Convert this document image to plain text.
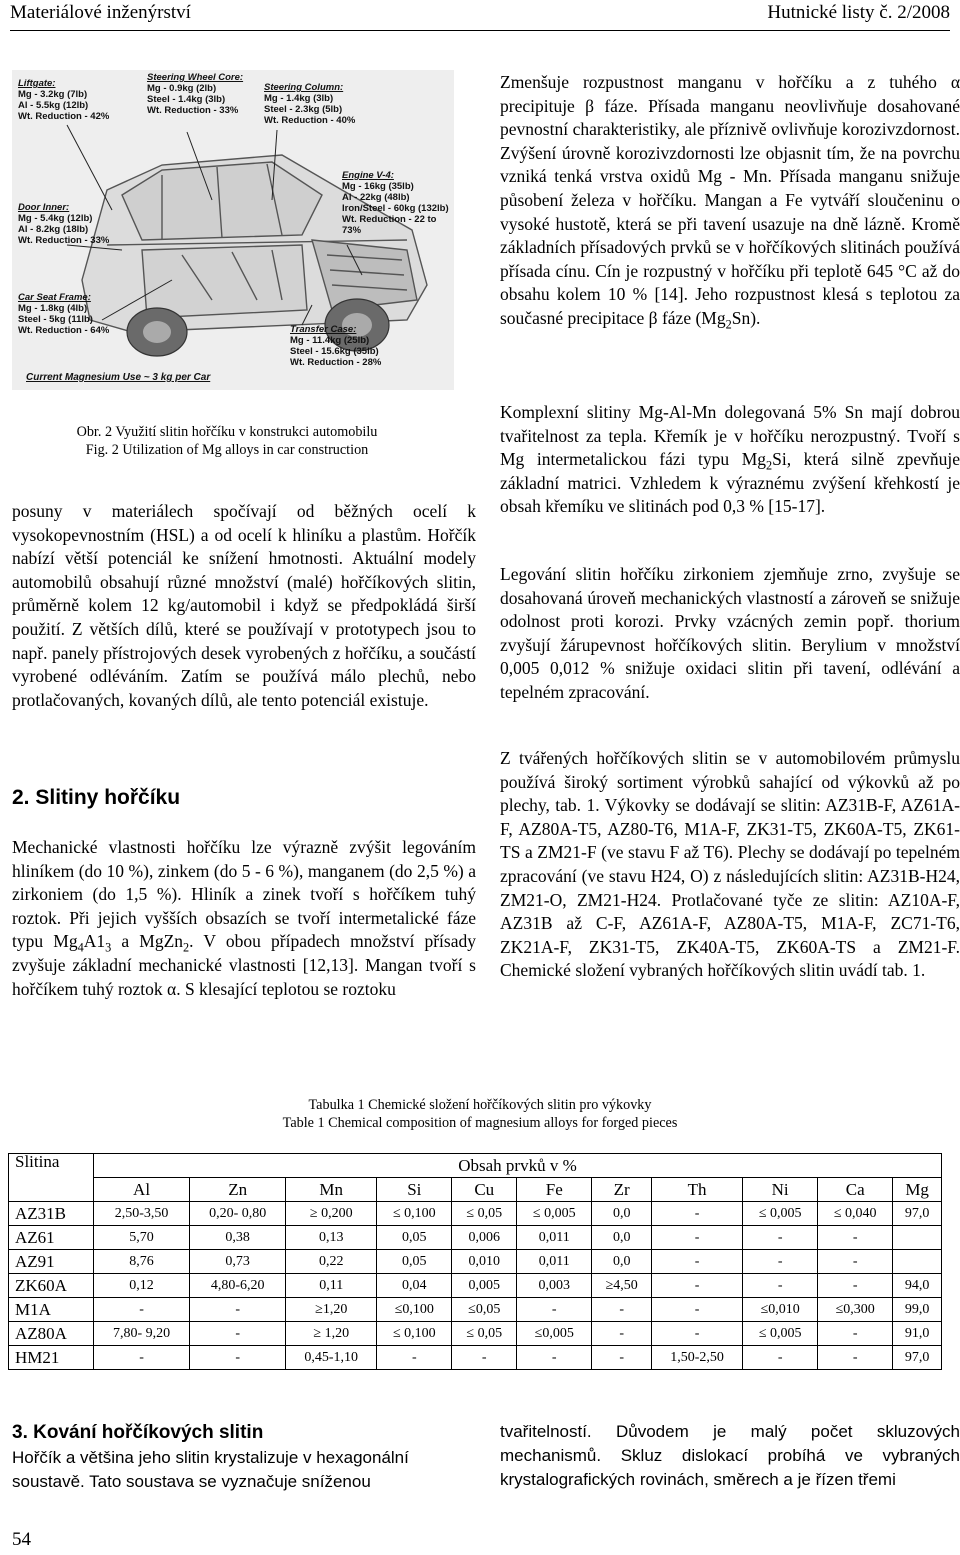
Materiálové inženýrství	Hutnické listy č. 2/2008
Liftgate:
Mg - 3.2kg (7lb)
Al - 5.5kg (12lb)
Wt. Reduction - 42%
Steering Wheel Core:
Mg - 0.9kg (2lb)
Steel - 1.4kg (3lb)
Wt. Reduction - 33%
Steering Column:
Mg - 1.4kg (3lb)
Steel - 2.3kg (5lb)
Wt. Reduction - 40%
Engine V-4:
Mg - 16kg (35lb)
Al - 22kg (48lb)
Iron/Steel - 60kg (132lb)
Wt. Reduction - 22 to 73%
Door Inner:
Mg - 5.4kg (12lb)
Al - 8.2kg (18lb)
Wt. Reduction - 33%
Car Seat Frame:
Mg - 1.8kg (4lb)
Steel - 5kg (11lb)
Wt. Reduction - 64%	Transfer Case:
Mg - 11.4kg (25lb)
Steel - 15.6kg (35lb)
Wt. Reduction - 28%
Current Magnesium Use ~ 3 kg per Car
Obr. 2 Využití slitin hořčíku v konstrukci automobilu
Fig. 2 Utilization of Mg alloys in car construction
posuny v materiálech spočívají od běžných ocelí k vysokopevnostním (HSL) a od ocelí k hliníku a plastům. Hořčík nabízí větší potenciál ke snížení hmotnosti. Aktuální modely automobilů obsahují různé množství (malé) hořčíkových slitin, průměrně kolem 12 kg/automobil i když se předpokládá širší použití. Z větších dílů, které se používají v prototypech jsou to např. panely přístrojových desek vyrobených z hořčíku, a součástí vyrobené odléváním. Zatím se používá málo plechů, nebo protlačovaných, kovaných dílů, ale tento potenciál existuje.
2. Slitiny hořčíku
Mechanické vlastnosti hořčíku lze výrazně zvýšit legováním hliníkem (do 10 %), zinkem (do 5 - 6 %), manganem (do 2,5 %) a zirkoniem (do 1,5 %). Hliník a zinek tvoří s hořčíkem tuhý roztok. Při jejich vyšších obsazích se tvoří intermetalické fáze typu $Mg_4A1_3$ a MgZn$_2$. V obou případech množství přísady zvyšuje základní mechanické vlastnosti [12,13]. Mangan tvoří s hořčíkem tuhý roztok α. S klesající teplotou se roztoku
Zmenšuje rozpustnost manganu v hořčíku a z tuhého α precipituje β fáze. Přísada manganu neovlivňuje dosahované pevnostní charakteristiky, ale příznivě ovlivňuje korozivzdornost. Zvýšení úrovně korozivzdornosti lze objasnit tím, že na povrchu vzniká tenká vrstva oxidů Mg - Mn. Přísada manganu snižuje působení železa v hořčíku. Mangan a Fe vytváří sloučeninu o vysoké hustotě, která se při tavení usazuje na dně lázně. Kromě základních přísadových prvků se v hořčíkových slitinách používá přísada cínu. Cín je rozpustný v hořčíku při teplotě 645 °C až do obsahu kolem 10 % [14]. Jeho rozpustnost klesá s teplotou za současné precipitace β fáze $(Mg_2Sn)$.
Komplexní slitiny Mg-Al-Mn dolegovaná 5% Sn mají dobrou tvařitelnost za tepla. Křemík je v hořčíku nerozpustný. Tvoří s Mg intermetalickou fázi typu $Mg_2Si$, která silně zpevňuje základní matrici. Vzhledem k výraznému zvýšení křehkostí je obsah křemíku ve slitinách pod 0,3 % [15-17].
Legování slitin hořčíku zirkoniem zjemňuje zrno, zvyšuje se dosahovaná úroveň mechanických vlastností a zároveň se snižuje odolnost proti korozi. Prvky vzácných zemin popř. thorium zvyšují žárupevnost hořčíkových slitin. Berylium v množství 0,005 0,012 % snižuje oxidaci slitin při tavení, odlévání a tepelném zpracování.
Z tvářených hořčíkových slitin se v automobilovém průmyslu používá široký sortiment výrobků sahající od výkovků až po plechy, tab. 1. Výkovky se dodávají se slitin: AZ31B-F, AZ61A-F, AZ80A-T5, AZ80-T6, M1A-F, ZK31-T5, ZK60A-T5, ZK61-TS a ZM21-F (ve stavu F až T6). Plechy se dodávají po tepelném zpracování (ve stavu H24, O) z následujících slitin: AZ31B-H24, ZM21-O, ZM21-H24. Protlačované tyče ze slitin: AZ10A-F, AZ31B až C-F, AZ61A-F, AZ80A-T5, M1A-F, ZC71-T6, ZK21A-F, ZK31-T5, ZK40A-T5, ZK60A-TS a ZM21-F. Chemické složení vybraných hořčíkových slitin uvádí tab. 1.
Tabulka 1 Chemické složení hořčíkových slitin pro výkovky
Table 1 Chemical composition of magnesium alloys for forged pieces
Slitina	Obsah prvků v %										
	Al	Zn	Mn	Si	Cu	Fe	Zr	Th	Ni	Ca	Mg
AZ31B	2,50-3,50	0,20- 0,80	≥ 0,200	≤ 0,100	≤ 0,05	≤ 0,005	0,0	-	≤ 0,005	≤ 0,040	97,0
AZ61	5,70	0,38	0,13	0,05	0,006	0,011	0,0	-	-	-	
AZ91	8,76	0,73	0,22	0,05	0,010	0,011	0,0	-	-	-	
ZK60A	0,12	4,80-6,20	0,11	0,04	0,005	0,003	≥4,50	-	-	-	94,0
M1A	-	-	≥1,20	≤0,100	≤0,05	-	-	-	≤0,010	≤0,300	99,0
AZ80A	7,80- 9,20	-	≥ 1,20	≤ 0,100	≤ 0,05	≤0,005	-	-	≤ 0,005	-	91,0
HM21	-	-	0,45-1,10	-	-	-	-	1,50-2,50	-	-	97,0
3. Kování hořčíkových slitin
Hořčík a většina jeho slitin krystalizuje v hexagonální soustavě. Tato soustava se vyznačuje sníženou
tvařitelností. Důvodem je malý počet skluzových mechanismů. Skluz dislokací probíhá ve vybraných krystalografických rovinách, směrech a je řízen třemi
54
